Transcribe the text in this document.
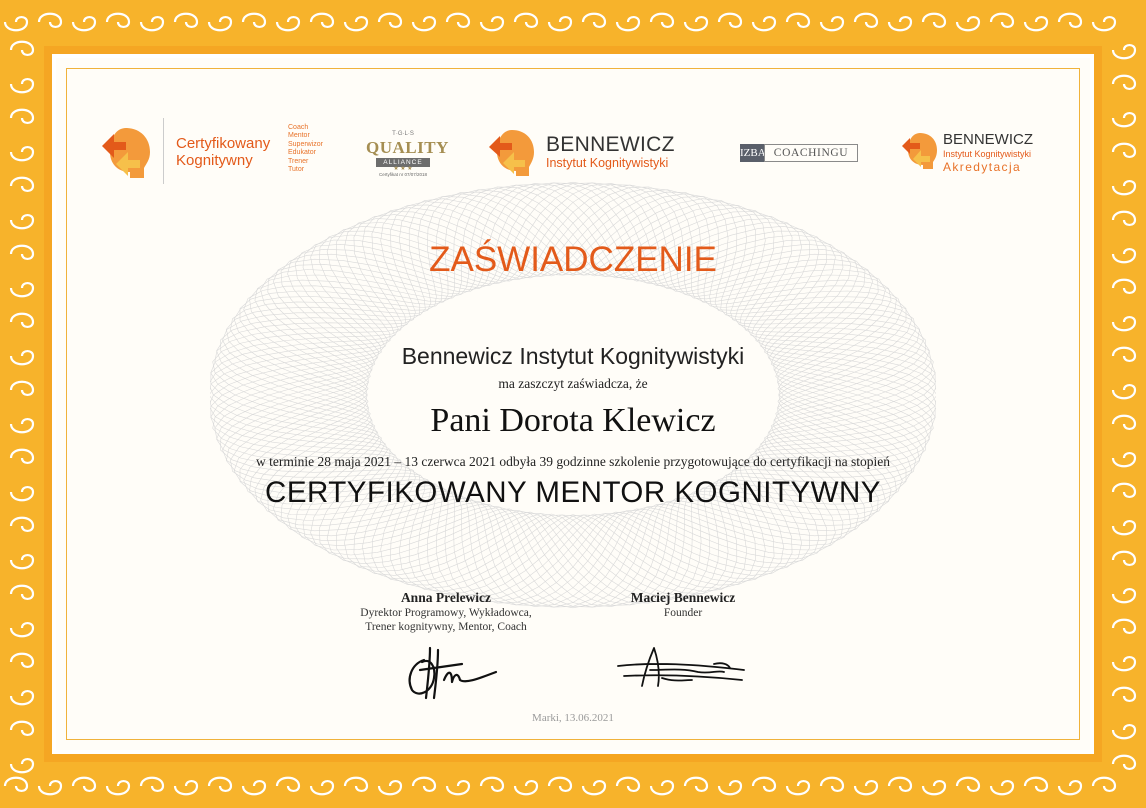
Certyfikowany
Kognitywny
Coach
Mentor
Superwizor
Edukator
Trener
Tutor
T·G·L·S
QUALITY
ALLIANCE
★ ★ ★
Certyfikat nr 07/07/2018
BENNEWICZ
Instytut Kognitywistyki
IZBA COACHINGU
BENNEWICZ
Instytut Kognitywistyki
Akredytacja
ZAŚWIADCZENIE
Bennewicz Instytut Kognitywistyki
ma zaszczyt zaświadcza, że
Pani Dorota Klewicz
w terminie 28 maja 2021 – 13 czerwca 2021 odbyła 39 godzinne szkolenie przygotowujące do certyfikacji na stopień
CERTYFIKOWANY MENTOR KOGNITYWNY
Anna Prelewicz
Dyrektor Programowy, Wykładowca,
Trener kognitywny, Mentor, Coach
Maciej Bennewicz
Founder
Marki, 13.06.2021
